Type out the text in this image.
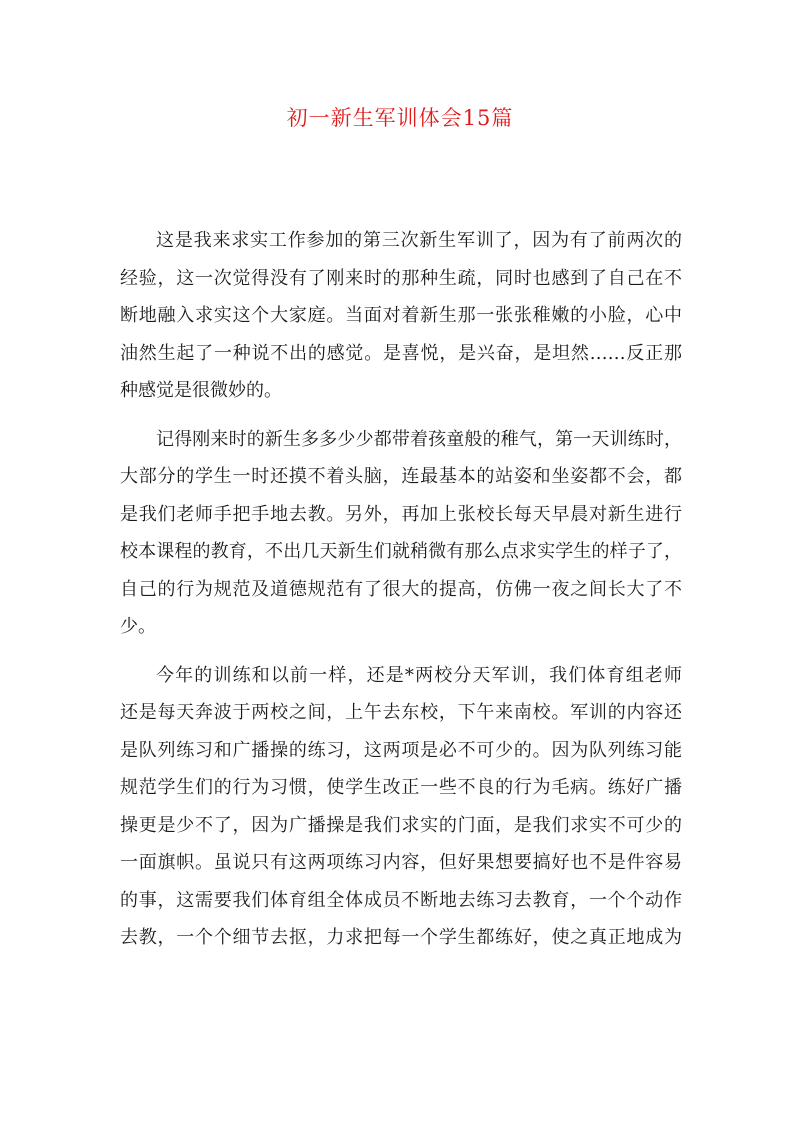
初一新生军训体会15篇

这是我来求实工作参加的第三次新生军训了，因为有了前两次的
经验，这一次觉得没有了刚来时的那种生疏，同时也感到了自己在不
断地融入求实这个大家庭。当面对着新生那一张张稚嫩的小脸，心中
油然生起了一种说不出的感觉。是喜悦，是兴奋，是坦然……反正那
种感觉是很微妙的。

记得刚来时的新生多多少少都带着孩童般的稚气，第一天训练时，
大部分的学生一时还摸不着头脑，连最基本的站姿和坐姿都不会，都
是我们老师手把手地去教。另外，再加上张校长每天早晨对新生进行
校本课程的教育，不出几天新生们就稍微有那么点求实学生的样子了，
自己的行为规范及道德规范有了很大的提高，仿佛一夜之间长大了不
少。

今年的训练和以前一样，还是*两校分天军训，我们体育组老师
还是每天奔波于两校之间，上午去东校，下午来南校。军训的内容还
是队列练习和广播操的练习，这两项是必不可少的。因为队列练习能
规范学生们的行为习惯，使学生改正一些不良的行为毛病。练好广播
操更是少不了，因为广播操是我们求实的门面，是我们求实不可少的
一面旗帜。虽说只有这两项练习内容，但好果想要搞好也不是件容易
的事，这需要我们体育组全体成员不断地去练习去教育，一个个动作
去教，一个个细节去抠，力求把每一个学生都练好，使之真正地成为
